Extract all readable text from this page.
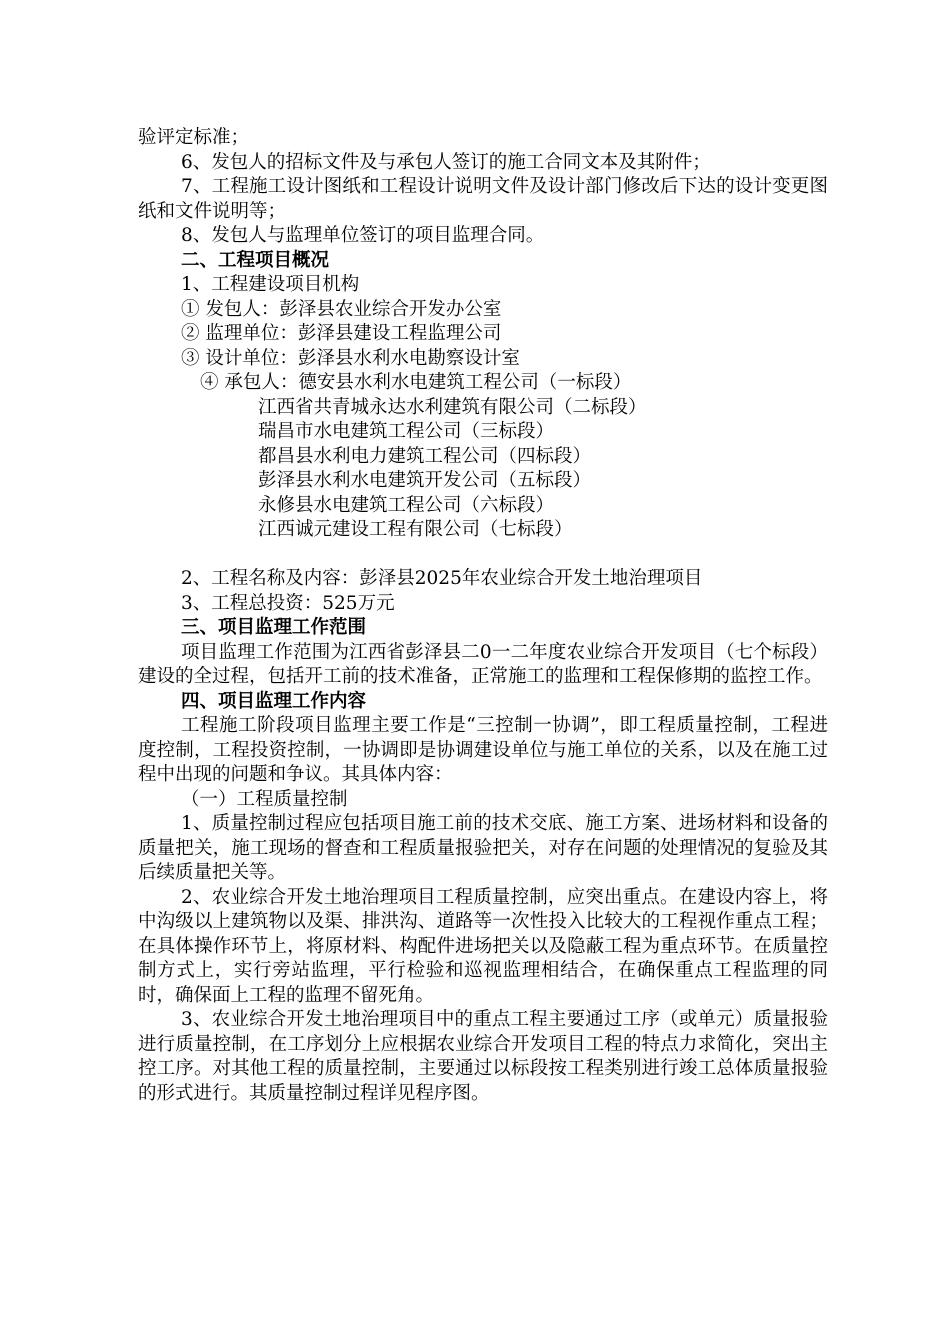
验评定标准；
6、发包人的招标文件及与承包人签订的施工合同文本及其附件；
7、工程施工设计图纸和工程设计说明文件及设计部门修改后下达的设计变更图纸和文件说明等；
8、发包人与监理单位签订的项目监理合同。
二、工程项目概况
1、工程建设项目机构
① 发包人：彭泽县农业综合开发办公室
② 监理单位：彭泽县建设工程监理公司
③ 设计单位：彭泽县水利水电勘察设计室
④ 承包人：德安县水利水电建筑工程公司（一标段）
江西省共青城永达水利建筑有限公司（二标段）
瑞昌市水电建筑工程公司（三标段）
都昌县水利电力建筑工程公司（四标段）
彭泽县水利水电建筑开发公司（五标段）
永修县水电建筑工程公司（六标段）
江西诚元建设工程有限公司（七标段）
2、工程名称及内容：彭泽县2025年农业综合开发土地治理项目
3、工程总投资：525万元
三、项目监理工作范围
项目监理工作范围为江西省彭泽县二0一二年度农业综合开发项目（七个标段）建设的全过程，包括开工前的技术准备，正常施工的监理和工程保修期的监控工作。
四、项目监理工作内容
工程施工阶段项目监理主要工作是“三控制一协调”，即工程质量控制，工程进度控制，工程投资控制，一协调即是协调建设单位与施工单位的关系，以及在施工过程中出现的问题和争议。其具体内容：
（一）工程质量控制
1、质量控制过程应包括项目施工前的技术交底、施工方案、进场材料和设备的质量把关，施工现场的督查和工程质量报验把关，对存在问题的处理情况的复验及其后续质量把关等。
2、农业综合开发土地治理项目工程质量控制，应突出重点。在建设内容上，将中沟级以上建筑物以及渠、排洪沟、道路等一次性投入比较大的工程视作重点工程；在具体操作环节上，将原材料、构配件进场把关以及隐蔽工程为重点环节。在质量控制方式上，实行旁站监理，平行检验和巡视监理相结合，在确保重点工程监理的同时，确保面上工程的监理不留死角。
3、农业综合开发土地治理项目中的重点工程主要通过工序（或单元）质量报验进行质量控制，在工序划分上应根据农业综合开发项目工程的特点力求简化，突出主控工序。对其他工程的质量控制，主要通过以标段按工程类别进行竣工总体质量报验的形式进行。其质量控制过程详见程序图。
